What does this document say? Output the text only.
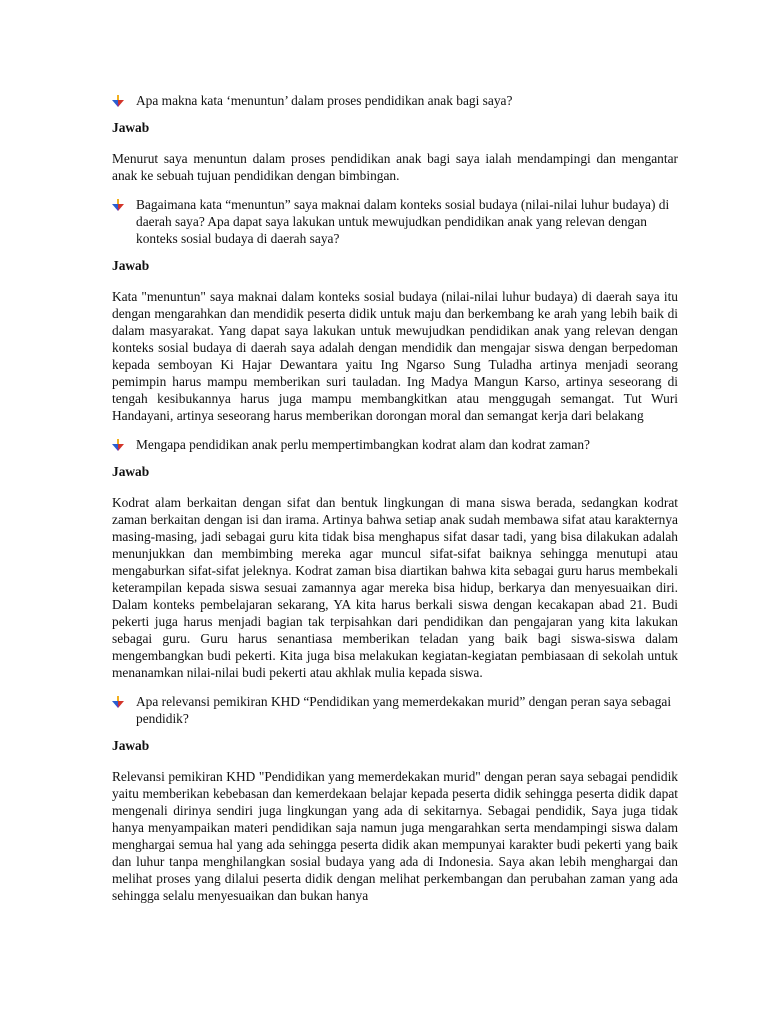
Apa makna kata ‘menuntun’ dalam proses pendidikan anak bagi saya?
Jawab
Menurut saya menuntun dalam proses pendidikan anak bagi saya ialah mendampingi dan mengantar anak ke sebuah tujuan pendidikan dengan bimbingan.
Bagaimana kata “menuntun” saya maknai dalam konteks sosial budaya (nilai-nilai luhur budaya) di daerah saya? Apa dapat saya lakukan untuk mewujudkan pendidikan anak yang relevan dengan konteks sosial budaya di daerah saya?
Jawab
Kata "menuntun" saya maknai dalam konteks sosial budaya (nilai-nilai luhur budaya) di daerah saya itu dengan mengarahkan dan mendidik peserta didik untuk maju dan berkembang ke arah yang lebih baik di dalam masyarakat. Yang dapat saya lakukan untuk mewujudkan pendidikan anak yang relevan dengan konteks sosial budaya di daerah saya adalah dengan mendidik dan mengajar siswa dengan berpedoman kepada semboyan Ki Hajar Dewantara yaitu Ing Ngarso Sung Tuladha artinya menjadi seorang pemimpin harus mampu memberikan suri tauladan. Ing Madya Mangun Karso, artinya seseorang di tengah kesibukannya harus juga mampu membangkitkan atau menggugah semangat. Tut Wuri Handayani, artinya seseorang harus memberikan dorongan moral dan semangat kerja dari belakang
Mengapa pendidikan anak perlu mempertimbangkan kodrat alam dan kodrat zaman?
Jawab
Kodrat alam berkaitan dengan sifat dan bentuk lingkungan di mana siswa berada, sedangkan kodrat zaman berkaitan dengan isi dan irama. Artinya bahwa setiap anak sudah membawa sifat atau karakternya masing-masing, jadi sebagai guru kita tidak bisa menghapus sifat dasar tadi, yang bisa dilakukan adalah menunjukkan dan membimbing mereka agar muncul sifat-sifat baiknya sehingga menutupi atau mengaburkan sifat-sifat jeleknya. Kodrat zaman bisa diartikan bahwa kita sebagai guru harus membekali keterampilan kepada siswa sesuai zamannya agar mereka bisa hidup, berkarya dan menyesuaikan diri. Dalam konteks pembelajaran sekarang, YA kita harus berkali siswa dengan kecakapan abad 21. Budi pekerti juga harus menjadi bagian tak terpisahkan dari pendidikan dan pengajaran yang kita lakukan sebagai guru. Guru harus senantiasa memberikan teladan yang baik bagi siswa-siswa dalam mengembangkan budi pekerti. Kita juga bisa melakukan kegiatan-kegiatan pembiasaan di sekolah untuk menanamkan nilai-nilai budi pekerti atau akhlak mulia kepada siswa.
Apa relevansi pemikiran KHD “Pendidikan yang memerdekakan murid” dengan peran saya sebagai pendidik?
Jawab
Relevansi pemikiran KHD "Pendidikan yang memerdekakan murid" dengan peran saya sebagai pendidik yaitu memberikan kebebasan dan kemerdekaan belajar kepada peserta didik sehingga peserta didik dapat mengenali dirinya sendiri juga lingkungan yang ada di sekitarnya. Sebagai pendidik, Saya juga tidak hanya menyampaikan materi pendidikan saja namun juga mengarahkan serta mendampingi siswa dalam menghargai semua hal yang ada sehingga peserta didik akan mempunyai karakter budi pekerti yang baik dan luhur tanpa menghilangkan sosial budaya yang ada di Indonesia. Saya akan lebih menghargai dan melihat proses yang dilalui peserta didik dengan melihat perkembangan dan perubahan zaman yang ada sehingga selalu menyesuaikan dan bukan hanya
